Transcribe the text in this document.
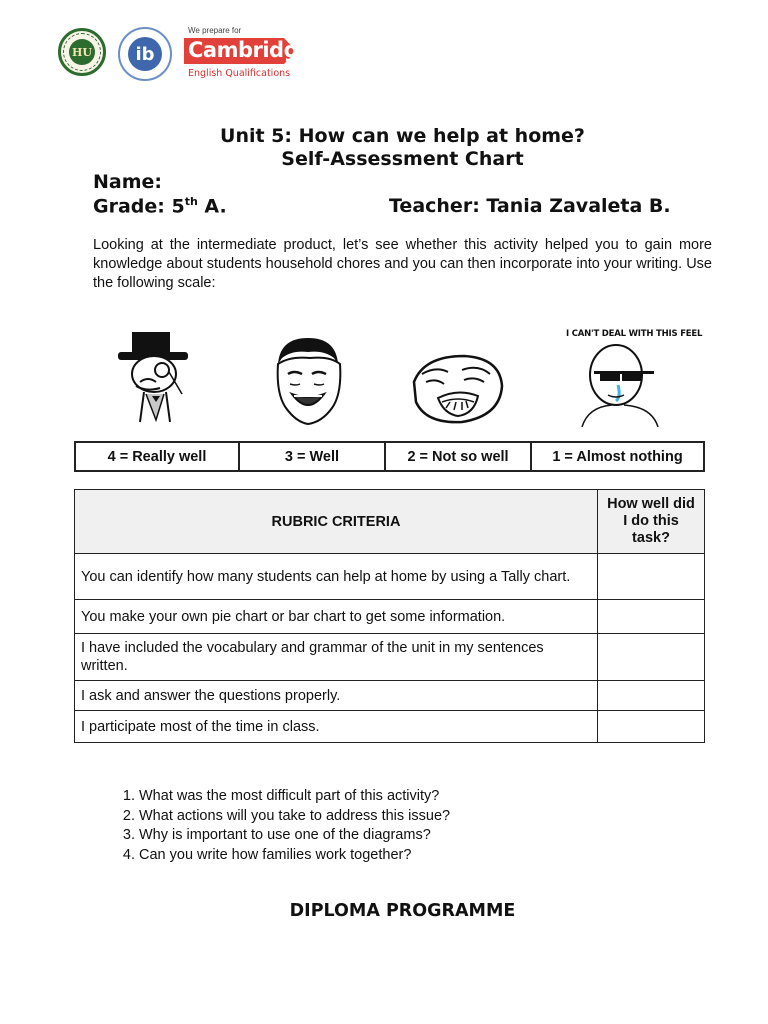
HU	ib
We prepare for
Cambridge
English Qualifications
Unit 5: How can we help at home?
Self-Assessment Chart
Name:
Grade: 5th A.	Teacher: Tania Zavaleta B.
Looking at the intermediate product, let’s see whether this activity helped you to gain more knowledge about students household chores and you can then incorporate into your writing. Use the following scale:
I CAN'T DEAL WITH THIS FEEL
4 = Really well	3 = Well	2 = Not so well	1 = Almost nothing
RUBRIC CRITERIA	How well did I do this task?
You can identify how many students can help at home by using a Tally chart.	
You make your own pie chart or bar chart to get some information.	
I have included the vocabulary and grammar of the unit in my sentences written.	
I ask and answer the questions properly.	
I participate most of the time in class.	
1. What was the most difficult part of this activity?
2. What actions will you take to address this issue?
3. Why is important to use one of the diagrams?
4. Can you write how families work together?
DIPLOMA PROGRAMME
